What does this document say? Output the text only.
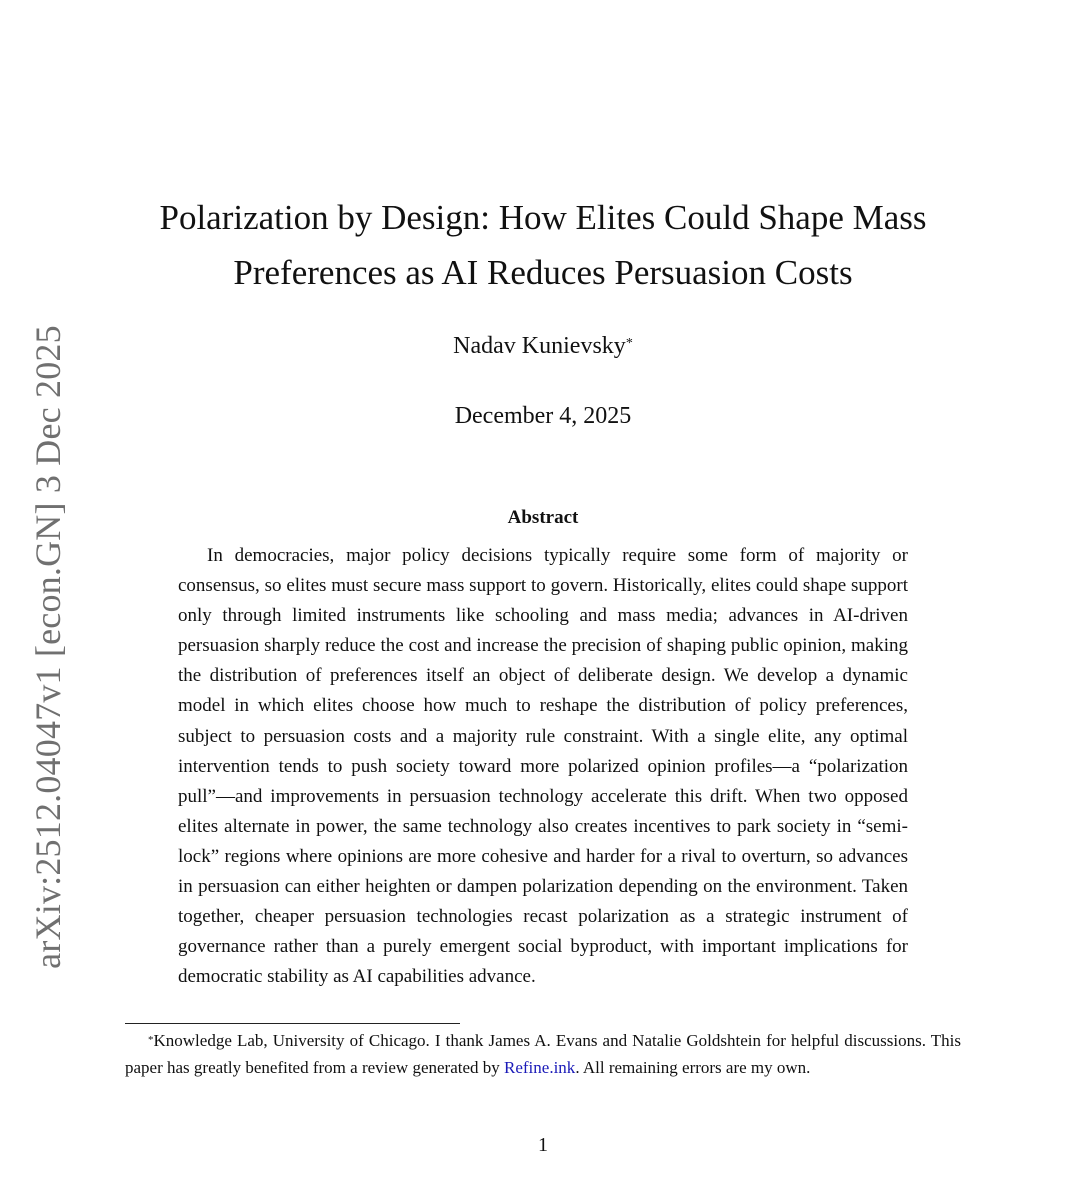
arXiv:2512.04047v1 [econ.GN] 3 Dec 2025
Polarization by Design: How Elites Could Shape Mass
Preferences as AI Reduces Persuasion Costs
Nadav Kunievsky*
December 4, 2025
Abstract

In democracies, major policy decisions typically require some form of majority or consensus, so elites must secure mass support to govern. Historically, elites could shape support only through limited instruments like schooling and mass media; advances in AI-driven persuasion sharply reduce the cost and increase the precision of shaping public opinion, making the distribution of preferences itself an object of deliberate design. We develop a dynamic model in which elites choose how much to reshape the distribution of policy preferences, subject to persuasion costs and a majority rule constraint. With a single elite, any optimal intervention tends to push society toward more polarized opinion profiles—a “polarization pull”—and improvements in persuasion technology accelerate this drift. When two opposed elites alternate in power, the same technology also creates incentives to park society in “semi-lock” regions where opinions are more cohesive and harder for a rival to overturn, so advances in persuasion can either heighten or dampen polarization depending on the environment. Taken together, cheaper persuasion technologies recast polarization as a strategic instrument of governance rather than a purely emergent social byproduct, with important implications for democratic stability as AI capabilities advance.

*Knowledge Lab, University of Chicago. I thank James A. Evans and Natalie Goldshtein for helpful discussions. This paper has greatly benefited from a review generated by Refine.ink. All remaining errors are my own.

1
